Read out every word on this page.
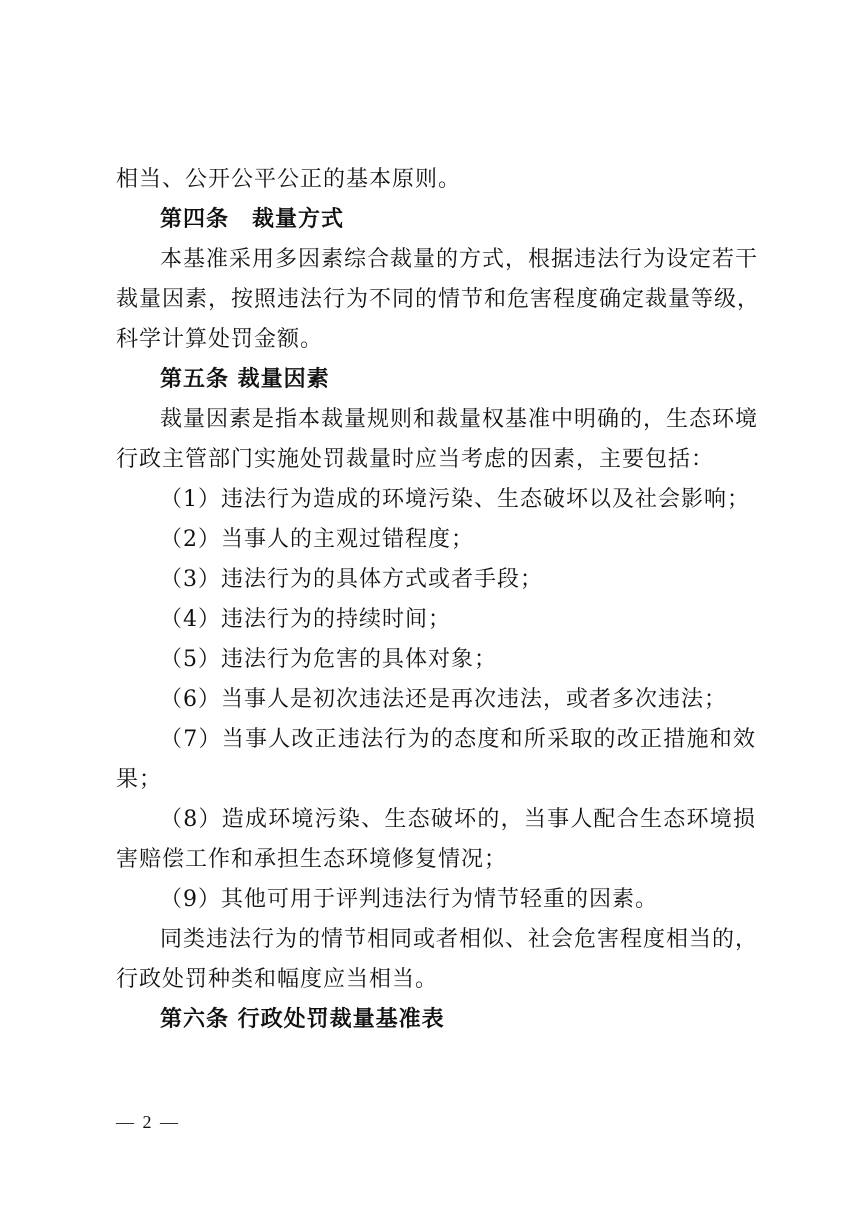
相当、公开公平公正的基本原则。
第四条　裁量方式
本基准采用多因素综合裁量的方式，根据违法行为设定若干
裁量因素，按照违法行为不同的情节和危害程度确定裁量等级，
科学计算处罚金额。
第五条 裁量因素
裁量因素是指本裁量规则和裁量权基准中明确的，生态环境
行政主管部门实施处罚裁量时应当考虑的因素，主要包括：
（1）违法行为造成的环境污染、生态破坏以及社会影响；
（2）当事人的主观过错程度；
（3）违法行为的具体方式或者手段；
（4）违法行为的持续时间；
（5）违法行为危害的具体对象；
（6）当事人是初次违法还是再次违法，或者多次违法；
（7）当事人改正违法行为的态度和所采取的改正措施和效
果；
（8）造成环境污染、生态破坏的，当事人配合生态环境损
害赔偿工作和承担生态环境修复情况；
（9）其他可用于评判违法行为情节轻重的因素。
同类违法行为的情节相同或者相似、社会危害程度相当的，
行政处罚种类和幅度应当相当。
第六条 行政处罚裁量基准表
— 2 —
